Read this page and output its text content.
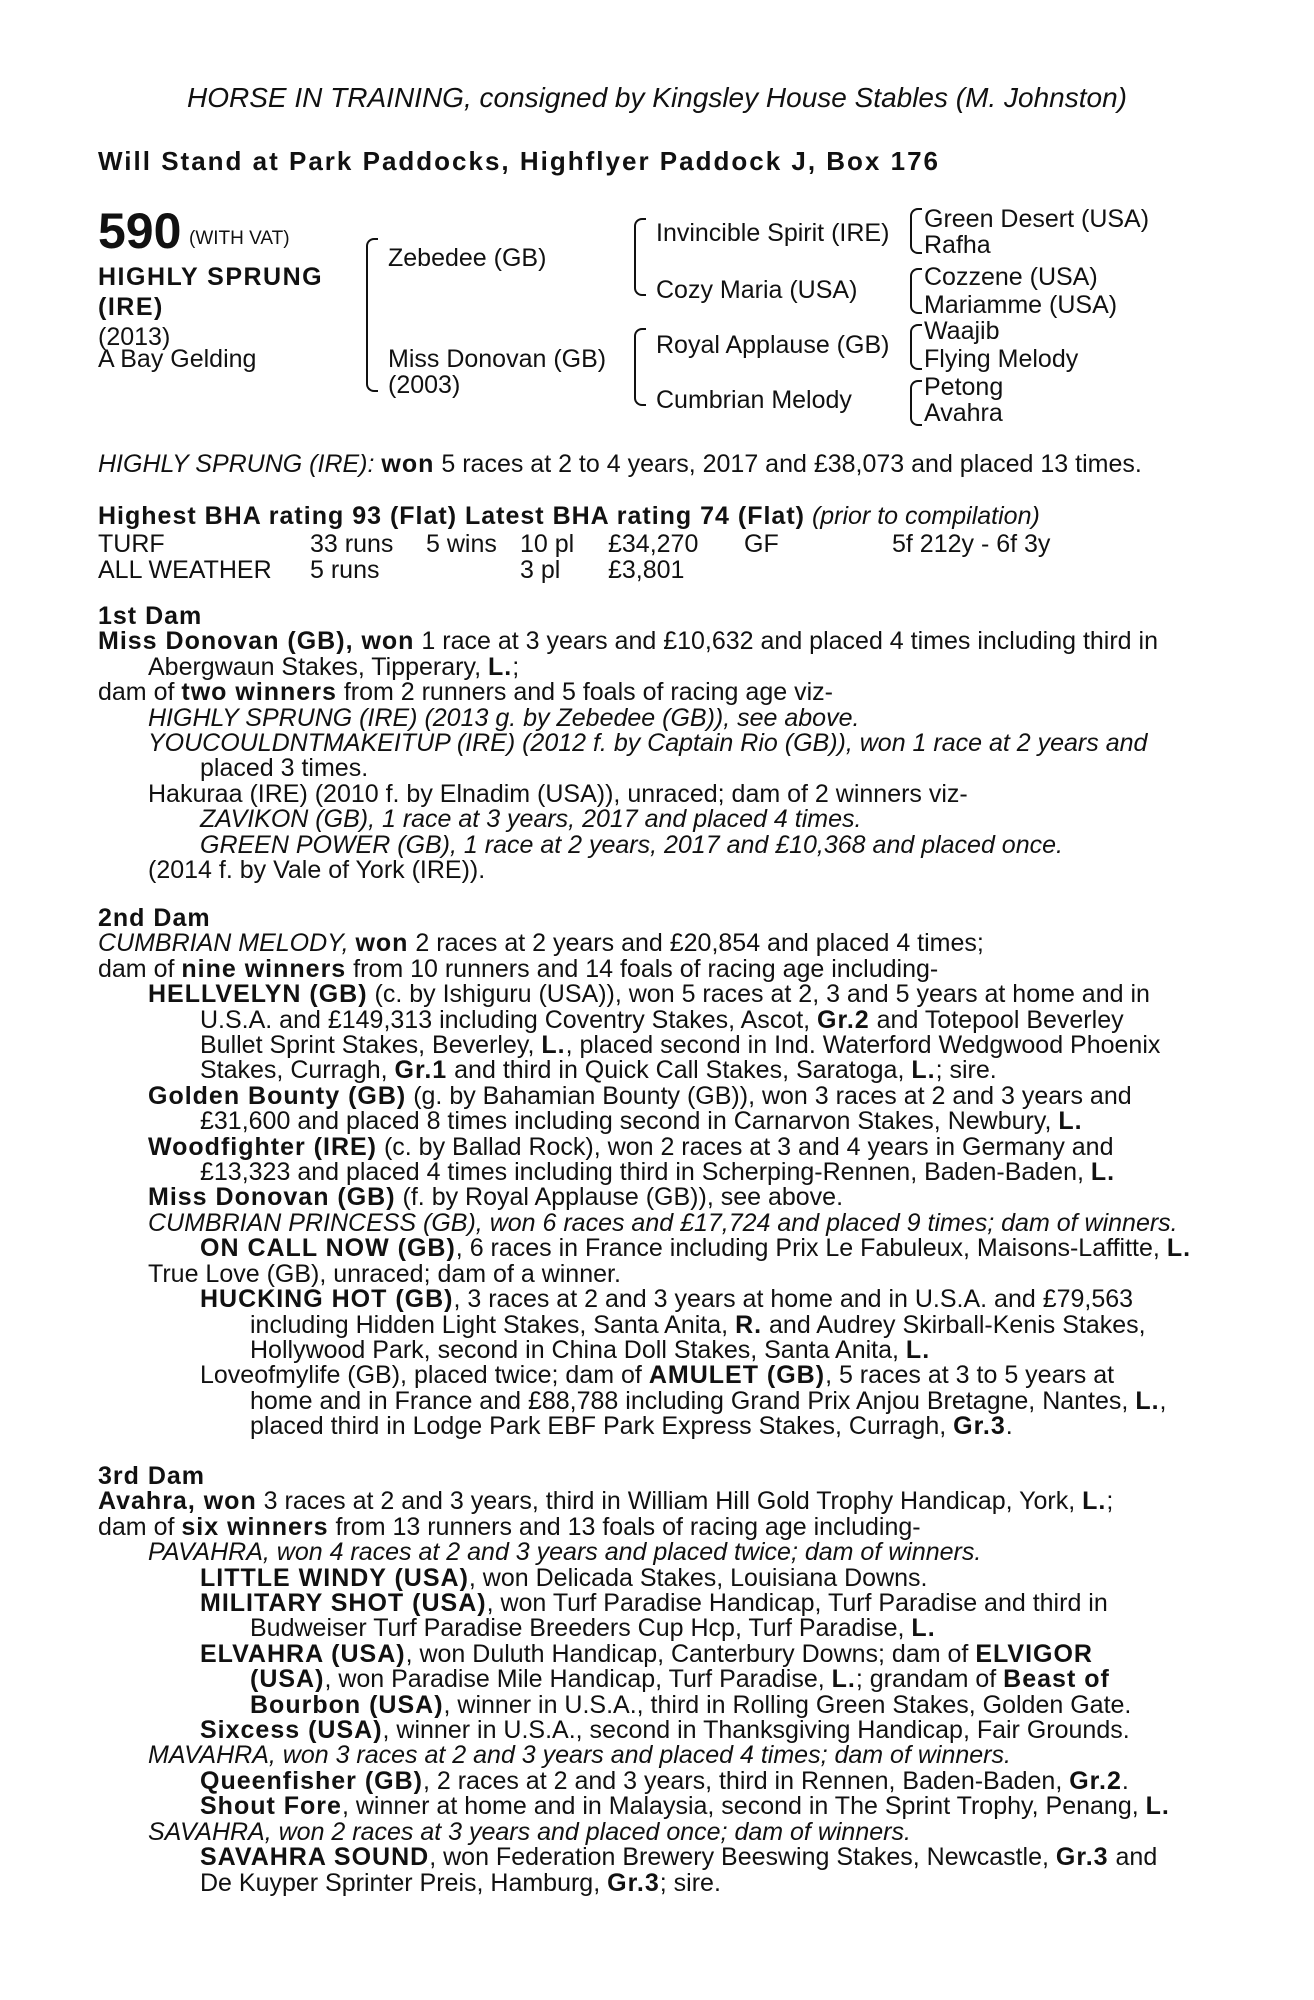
HORSE IN TRAINING, consigned by Kingsley House Stables (M. Johnston)
Will Stand at Park Paddocks, Highflyer Paddock J, Box 176
590 (WITH VAT)
HIGHLY SPRUNG
(IRE)
(2013)
A Bay Gelding
Zebedee (GB)
Miss Donovan (GB)
(2003)
Invincible Spirit (IRE)
Cozy Maria (USA)
Royal Applause (GB)
Cumbrian Melody
Green Desert (USA)
Rafha
Cozzene (USA)
Mariamme (USA)
Waajib
Flying Melody
Petong
Avahra
HIGHLY SPRUNG (IRE): won 5 races at 2 to 4 years, 2017 and £38,073 and placed 13 times.
Highest BHA rating 93 (Flat) Latest BHA rating 74 (Flat) (prior to compilation)
TURF	33 runs 5 wins 10 pl £34,270 GF	5f 212y - 6f 3y
ALL WEATHER 5 runs	3 pl £3,801
1st Dam
Miss Donovan (GB), won 1 race at 3 years and £10,632 and placed 4 times including third in
Abergwaun Stakes, Tipperary, L.;
dam of two winners from 2 runners and 5 foals of racing age viz-
HIGHLY SPRUNG (IRE) (2013 g. by Zebedee (GB)), see above.
YOUCOULDNTMAKEITUP (IRE) (2012 f. by Captain Rio (GB)), won 1 race at 2 years and
placed 3 times.
Hakuraa (IRE) (2010 f. by Elnadim (USA)), unraced; dam of 2 winners viz-
ZAVIKON (GB), 1 race at 3 years, 2017 and placed 4 times.
GREEN POWER (GB), 1 race at 2 years, 2017 and £10,368 and placed once.
(2014 f. by Vale of York (IRE)).
2nd Dam
CUMBRIAN MELODY, won 2 races at 2 years and £20,854 and placed 4 times;
dam of nine winners from 10 runners and 14 foals of racing age including-
HELLVELYN (GB) (c. by Ishiguru (USA)), won 5 races at 2, 3 and 5 years at home and in
U.S.A. and £149,313 including Coventry Stakes, Ascot, Gr.2 and Totepool Beverley
Bullet Sprint Stakes, Beverley, L., placed second in Ind. Waterford Wedgwood Phoenix
Stakes, Curragh, Gr.1 and third in Quick Call Stakes, Saratoga, L.; sire.
Golden Bounty (GB) (g. by Bahamian Bounty (GB)), won 3 races at 2 and 3 years and
£31,600 and placed 8 times including second in Carnarvon Stakes, Newbury, L.
Woodfighter (IRE) (c. by Ballad Rock), won 2 races at 3 and 4 years in Germany and
£13,323 and placed 4 times including third in Scherping-Rennen, Baden-Baden, L.
Miss Donovan (GB) (f. by Royal Applause (GB)), see above.
CUMBRIAN PRINCESS (GB), won 6 races and £17,724 and placed 9 times; dam of winners.
ON CALL NOW (GB), 6 races in France including Prix Le Fabuleux, Maisons-Laffitte, L.
True Love (GB), unraced; dam of a winner.
HUCKING HOT (GB), 3 races at 2 and 3 years at home and in U.S.A. and £79,563
including Hidden Light Stakes, Santa Anita, R. and Audrey Skirball-Kenis Stakes,
Hollywood Park, second in China Doll Stakes, Santa Anita, L.
Loveofmylife (GB), placed twice; dam of AMULET (GB), 5 races at 3 to 5 years at
home and in France and £88,788 including Grand Prix Anjou Bretagne, Nantes, L.,
placed third in Lodge Park EBF Park Express Stakes, Curragh, Gr.3.
3rd Dam
Avahra, won 3 races at 2 and 3 years, third in William Hill Gold Trophy Handicap, York, L.;
dam of six winners from 13 runners and 13 foals of racing age including-
PAVAHRA, won 4 races at 2 and 3 years and placed twice; dam of winners.
LITTLE WINDY (USA), won Delicada Stakes, Louisiana Downs.
MILITARY SHOT (USA), won Turf Paradise Handicap, Turf Paradise and third in
Budweiser Turf Paradise Breeders Cup Hcp, Turf Paradise, L.
ELVAHRA (USA), won Duluth Handicap, Canterbury Downs; dam of ELVIGOR
(USA), won Paradise Mile Handicap, Turf Paradise, L.; grandam of Beast of
Bourbon (USA), winner in U.S.A., third in Rolling Green Stakes, Golden Gate.
Sixcess (USA), winner in U.S.A., second in Thanksgiving Handicap, Fair Grounds.
MAVAHRA, won 3 races at 2 and 3 years and placed 4 times; dam of winners.
Queenfisher (GB), 2 races at 2 and 3 years, third in Rennen, Baden-Baden, Gr.2.
Shout Fore, winner at home and in Malaysia, second in The Sprint Trophy, Penang, L.
SAVAHRA, won 2 races at 3 years and placed once; dam of winners.
SAVAHRA SOUND, won Federation Brewery Beeswing Stakes, Newcastle, Gr.3 and
De Kuyper Sprinter Preis, Hamburg, Gr.3; sire.
